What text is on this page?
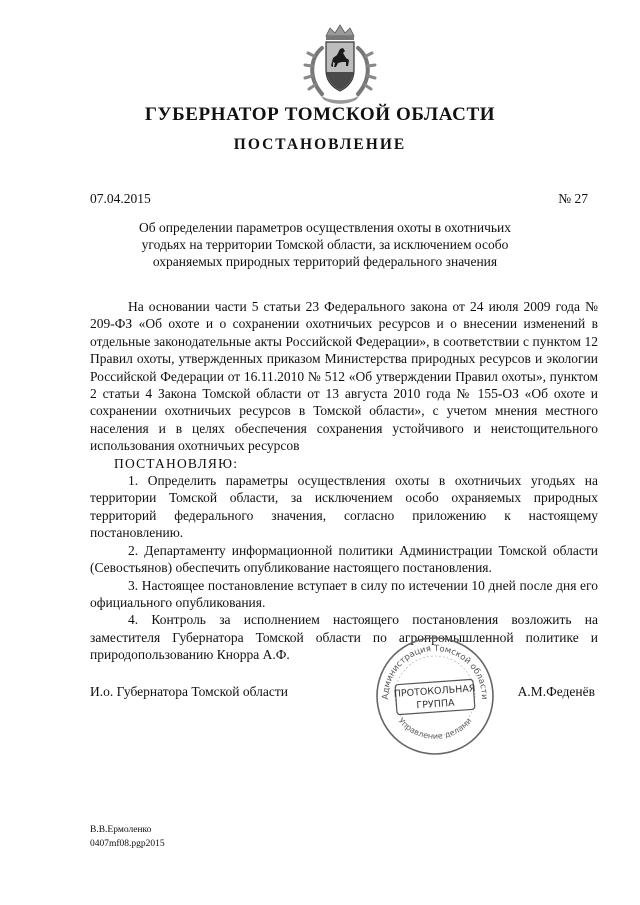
ГУБЕРНАТОР ТОМСКОЙ ОБЛАСТИ
ПОСТАНОВЛЕНИЕ
07.04.2015	№ 27
Об определении параметров осуществления охоты в охотничьих угодьях на территории Томской области, за исключением особо охраняемых природных территорий федерального значения

На основании части 5 статьи 23 Федерального закона от 24 июля 2009 года № 209-ФЗ «Об охоте и о сохранении охотничьих ресурсов и о внесении изменений в отдельные законодательные акты Российской Федерации», в соответствии с пунктом 12 Правил охоты, утвержденных приказом Министерства природных ресурсов и экологии Российской Федерации от 16.11.2010 № 512 «Об утверждении Правил охоты», пунктом 2 статьи 4 Закона Томской области от 13 августа 2010 года № 155-ОЗ «Об охоте и сохранении охотничьих ресурсов в Томской области», с учетом мнения местного населения и в целях обеспечения сохранения устойчивого и неистощительного использования охотничьих ресурсов

ПОСТАНОВЛЯЮ:

1. Определить параметры осуществления охоты в охотничьих угодьях на территории Томской области, за исключением особо охраняемых природных территорий федерального значения, согласно приложению к настоящему постановлению.

2. Департаменту информационной политики Администрации Томской области (Севостьянов) обеспечить опубликование настоящего постановления.

3. Настоящее постановление вступает в силу по истечении 10 дней после дня его официального опубликования.

4. Контроль за исполнением настоящего постановления возложить на заместителя Губернатора Томской области по агропромышленной политике и природопользованию Кнорра А.Ф.

И.о. Губернатора Томской области	А.М.Феденёв
Администрация Томской области
Управление делами
ПРОТОКОЛЬНАЯ
ГРУППА
В.В.Ермоленко
0407mf08.pgp2015
